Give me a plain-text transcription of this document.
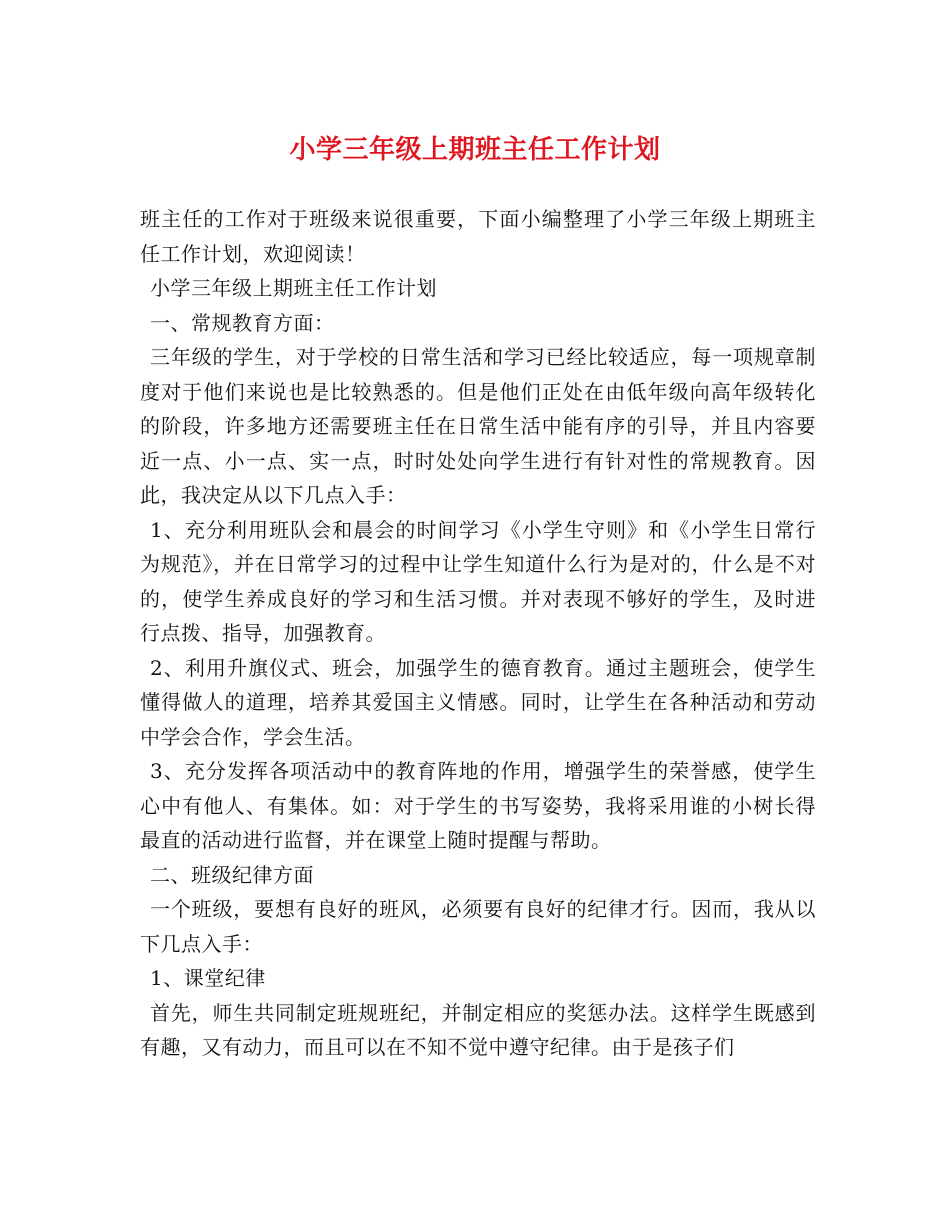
小学三年级上期班主任工作计划

班主任的工作对于班级来说很重要，下面小编整理了小学三年级上期班主任工作计划，欢迎阅读！

小学三年级上期班主任工作计划

一、常规教育方面：

三年级的学生，对于学校的日常生活和学习已经比较适应，每一项规章制度对于他们来说也是比较熟悉的。但是他们正处在由低年级向高年级转化的阶段，许多地方还需要班主任在日常生活中能有序的引导，并且内容要近一点、小一点、实一点，时时处处向学生进行有针对性的常规教育。因此，我决定从以下几点入手：

1、充分利用班队会和晨会的时间学习《小学生守则》和《小学生日常行为规范》，并在日常学习的过程中让学生知道什么行为是对的，什么是不对的，使学生养成良好的学习和生活习惯。并对表现不够好的学生，及时进行点拨、指导，加强教育。

2、利用升旗仪式、班会，加强学生的德育教育。通过主题班会，使学生懂得做人的道理，培养其爱国主义情感。同时，让学生在各种活动和劳动中学会合作，学会生活。

3、充分发挥各项活动中的教育阵地的作用，增强学生的荣誉感，使学生心中有他人、有集体。如：对于学生的书写姿势，我将采用谁的小树长得最直的活动进行监督，并在课堂上随时提醒与帮助。

二、班级纪律方面

一个班级，要想有良好的班风，必须要有良好的纪律才行。因而，我从以下几点入手：

1、课堂纪律

首先，师生共同制定班规班纪，并制定相应的奖惩办法。这样学生既感到有趣，又有动力，而且可以在不知不觉中遵守纪律。由于是孩子们
